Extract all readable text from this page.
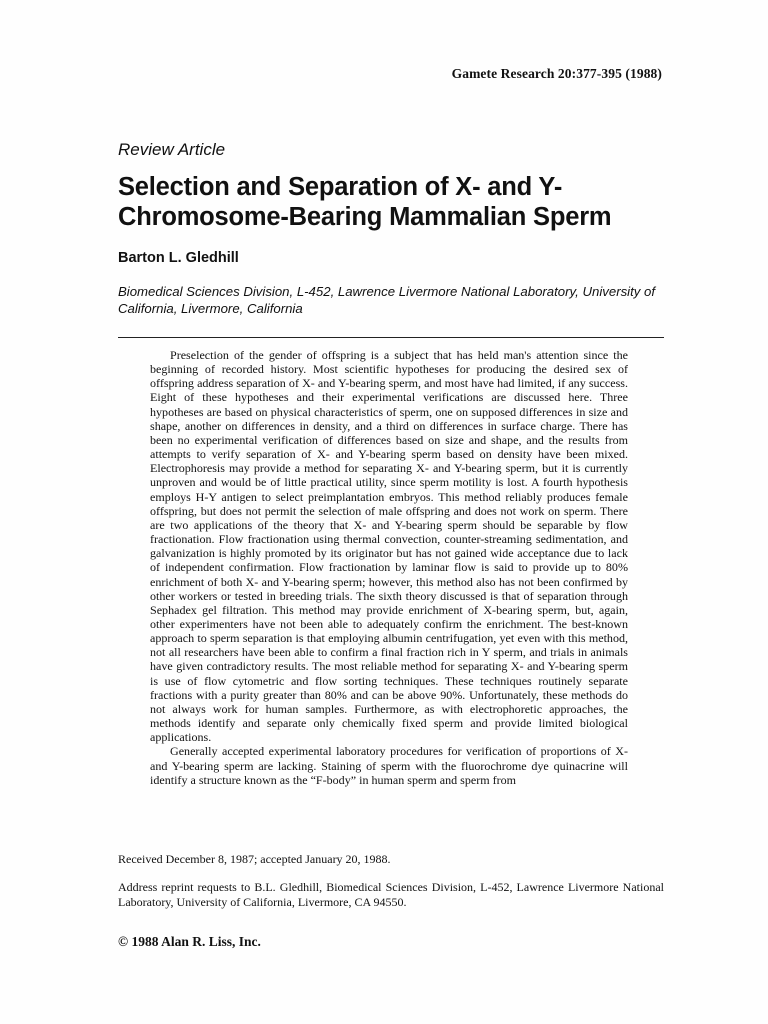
Gamete Research 20:377-395 (1988)
Review Article
Selection and Separation of X- and Y-Chromosome-Bearing Mammalian Sperm
Barton L. Gledhill
Biomedical Sciences Division, L-452, Lawrence Livermore National Laboratory, University of California, Livermore, California

Preselection of the gender of offspring is a subject that has held man's attention since the beginning of recorded history. Most scientific hypotheses for producing the desired sex of offspring address separation of X- and Y-bearing sperm, and most have had limited, if any success. Eight of these hypotheses and their experimental verifications are discussed here. Three hypotheses are based on physical characteristics of sperm, one on supposed differences in size and shape, another on differences in density, and a third on differences in surface charge. There has been no experimental verification of differences based on size and shape, and the results from attempts to verify separation of X- and Y-bearing sperm based on density have been mixed. Electrophoresis may provide a method for separating X- and Y-bearing sperm, but it is currently unproven and would be of little practical utility, since sperm motility is lost. A fourth hypothesis employs H-Y antigen to select preimplantation embryos. This method reliably produces female offspring, but does not permit the selection of male offspring and does not work on sperm. There are two applications of the theory that X- and Y-bearing sperm should be separable by flow fractionation. Flow fractionation using thermal convection, counter-streaming sedimentation, and galvanization is highly promoted by its originator but has not gained wide acceptance due to lack of independent confirmation. Flow fractionation by laminar flow is said to provide up to 80% enrichment of both X- and Y-bearing sperm; however, this method also has not been confirmed by other workers or tested in breeding trials. The sixth theory discussed is that of separation through Sephadex gel filtration. This method may provide enrichment of X-bearing sperm, but, again, other experimenters have not been able to adequately confirm the enrichment. The best-known approach to sperm separation is that employing albumin centrifugation, yet even with this method, not all researchers have been able to confirm a final fraction rich in Y sperm, and trials in animals have given contradictory results. The most reliable method for separating X- and Y-bearing sperm is use of flow cytometric and flow sorting techniques. These techniques routinely separate fractions with a purity greater than 80% and can be above 90%. Unfortunately, these methods do not always work for human samples. Furthermore, as with electrophoretic approaches, the methods identify and separate only chemically fixed sperm and provide limited biological applications.

Generally accepted experimental laboratory procedures for verification of proportions of X- and Y-bearing sperm are lacking. Staining of sperm with the fluorochrome dye quinacrine will identify a structure known as the “F-body” in human sperm and sperm from

Received December 8, 1987; accepted January 20, 1988.
Address reprint requests to B.L. Gledhill, Biomedical Sciences Division, L-452, Lawrence Livermore National Laboratory, University of California, Livermore, CA 94550.
© 1988 Alan R. Liss, Inc.
